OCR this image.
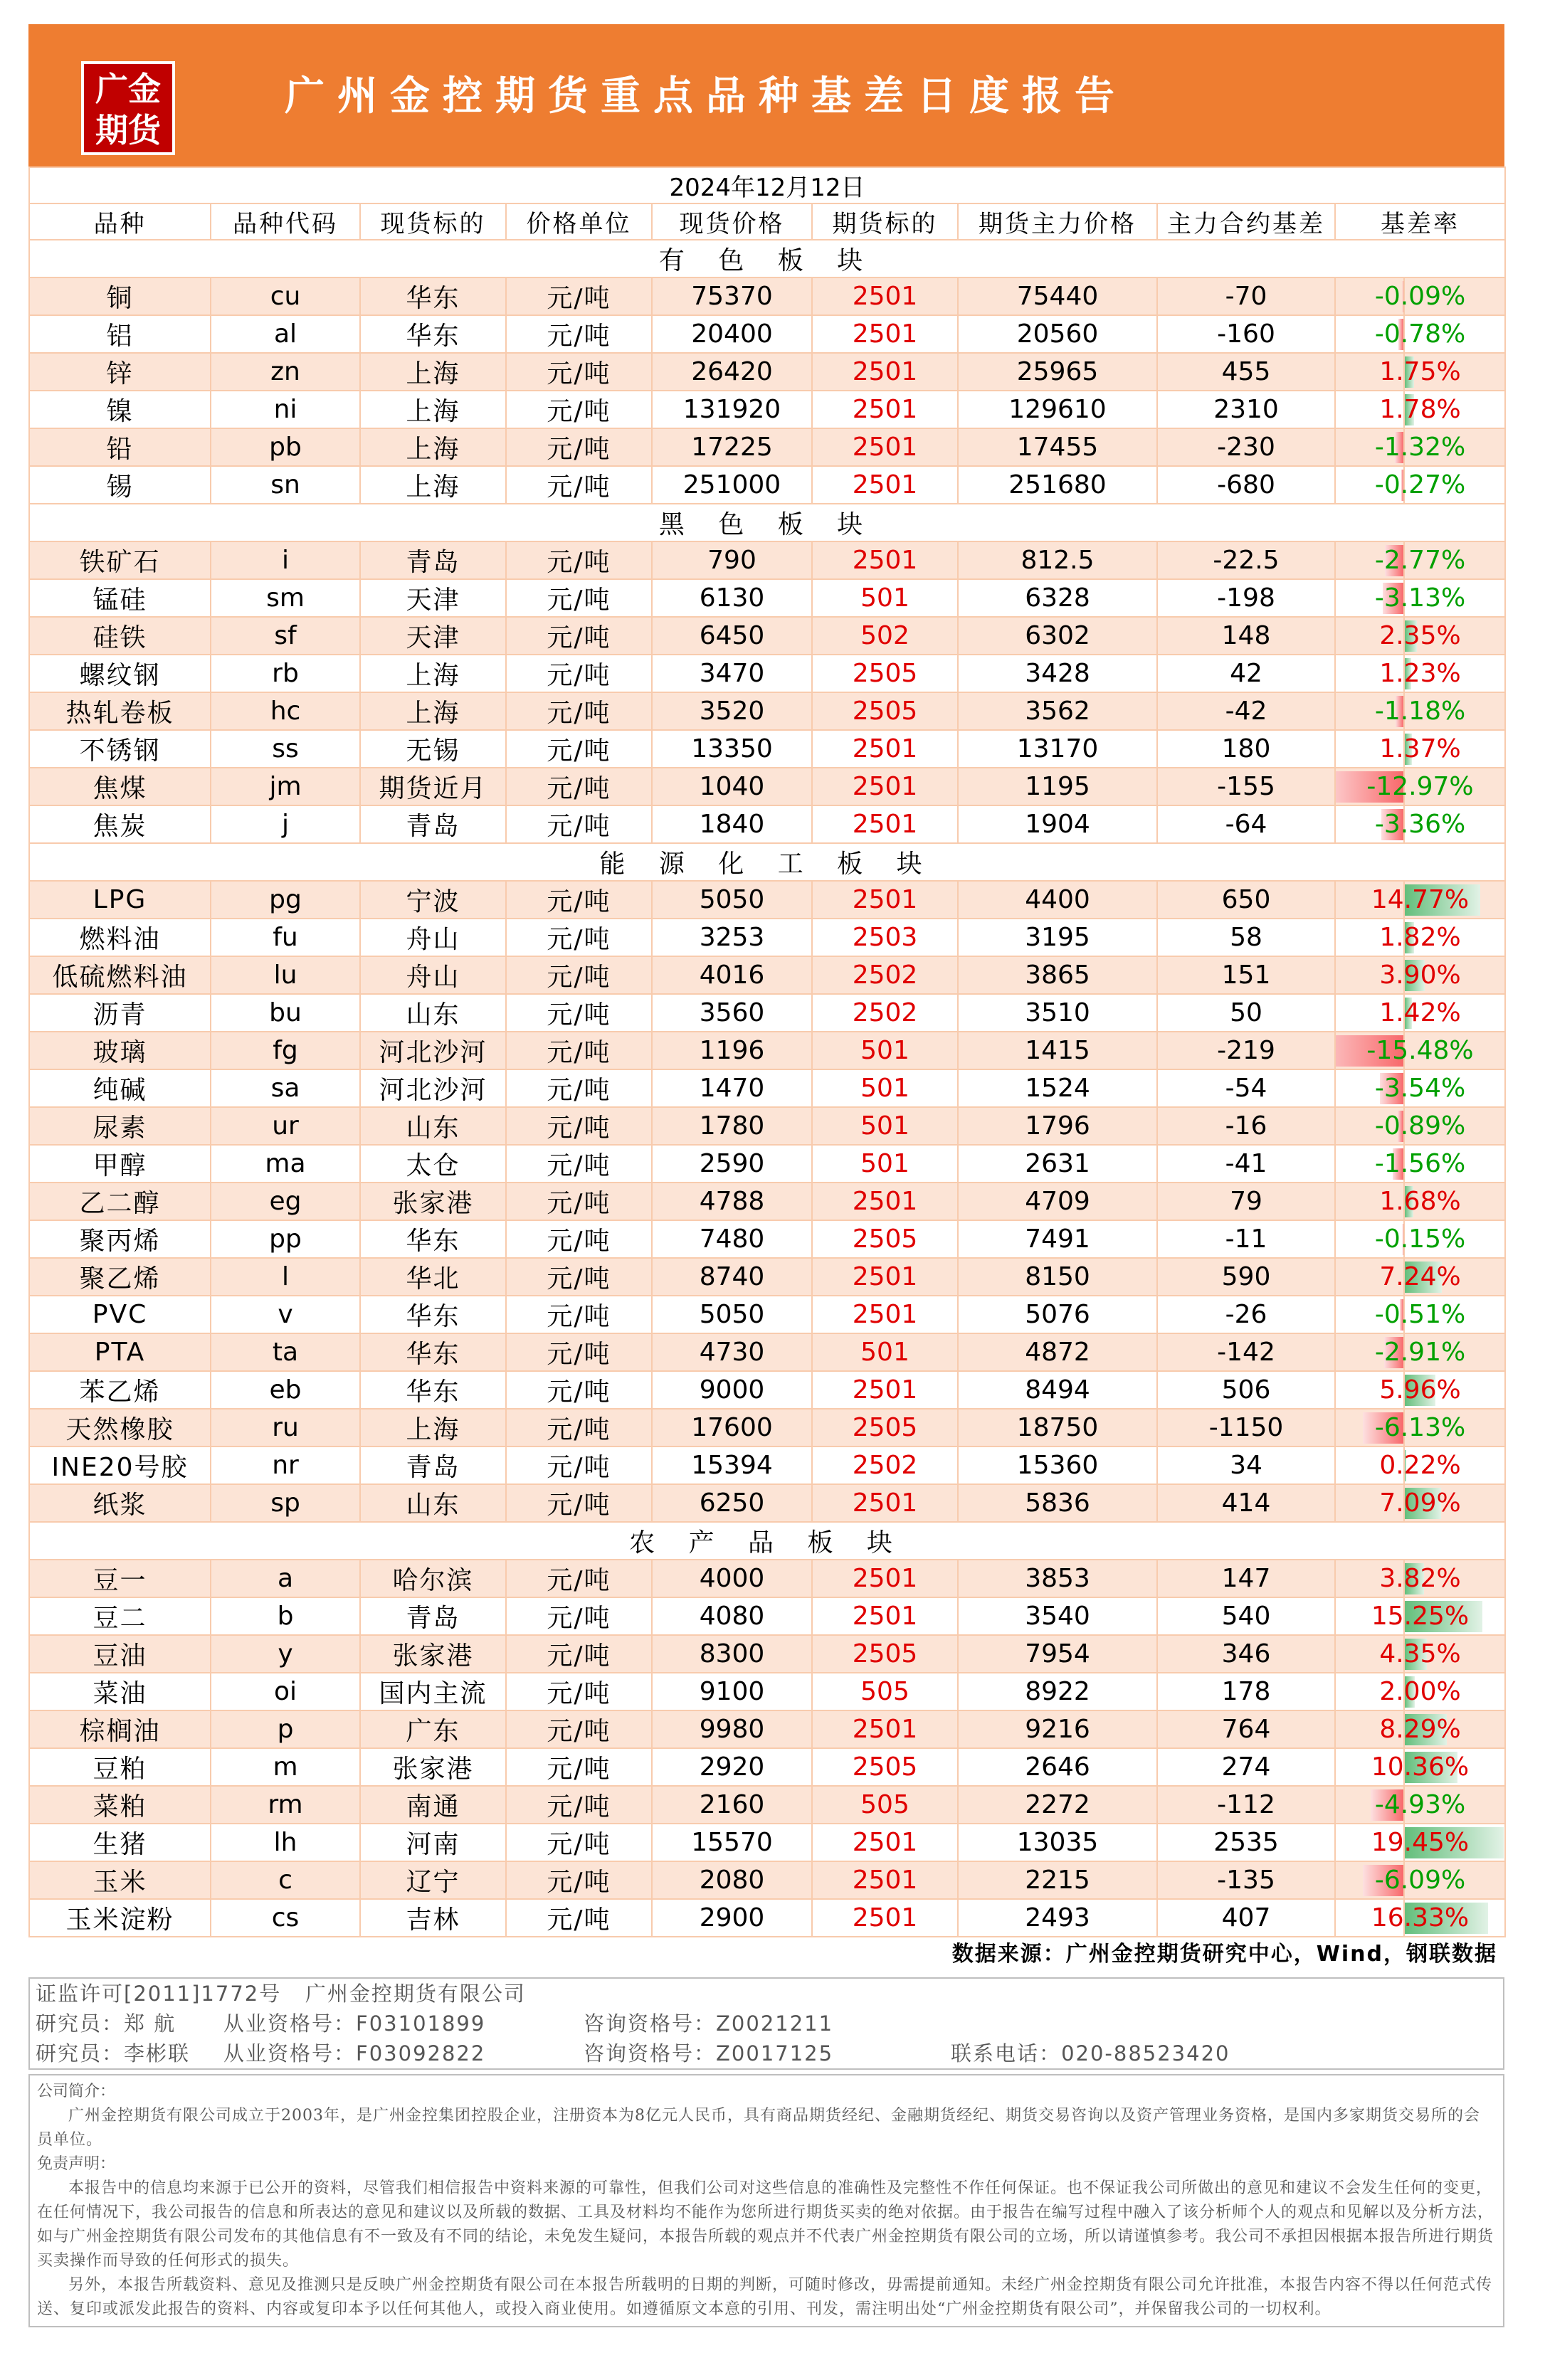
广金
期货
广州金控期货重点品种基差日度报告
2024年12月12日								
品种	品种代码	现货标的	价格单位	现货价格	期货标的	期货主力价格	主力合约基差	基差率
有 色 板 块								
铜	cu	华东	元/吨	75370	2501	75440	-70	-0.09%
铝	al	华东	元/吨	20400	2501	20560	-160	-0.78%
锌	zn	上海	元/吨	26420	2501	25965	455	1.75%
镍	ni	上海	元/吨	131920	2501	129610	2310	1.78%
铅	pb	上海	元/吨	17225	2501	17455	-230	-1.32%
锡	sn	上海	元/吨	251000	2501	251680	-680	-0.27%
黑 色 板 块								
铁矿石	i	青岛	元/吨	790	2501	812.5	-22.5	-2.77%
锰硅	sm	天津	元/吨	6130	501	6328	-198	-3.13%
硅铁	sf	天津	元/吨	6450	502	6302	148	2.35%
螺纹钢	rb	上海	元/吨	3470	2505	3428	42	1.23%
热轧卷板	hc	上海	元/吨	3520	2505	3562	-42	-1.18%
不锈钢	ss	无锡	元/吨	13350	2501	13170	180	1.37%
焦煤	jm	期货近月	元/吨	1040	2501	1195	-155	-12.97%
焦炭	j	青岛	元/吨	1840	2501	1904	-64	-3.36%
能 源 化 工 板 块								
LPG	pg	宁波	元/吨	5050	2501	4400	650	14.77%
燃料油	fu	舟山	元/吨	3253	2503	3195	58	1.82%
低硫燃料油	lu	舟山	元/吨	4016	2502	3865	151	3.90%
沥青	bu	山东	元/吨	3560	2502	3510	50	1.42%
玻璃	fg	河北沙河	元/吨	1196	501	1415	-219	-15.48%
纯碱	sa	河北沙河	元/吨	1470	501	1524	-54	-3.54%
尿素	ur	山东	元/吨	1780	501	1796	-16	-0.89%
甲醇	ma	太仓	元/吨	2590	501	2631	-41	-1.56%
乙二醇	eg	张家港	元/吨	4788	2501	4709	79	1.68%
聚丙烯	pp	华东	元/吨	7480	2505	7491	-11	-0.15%
聚乙烯	l	华北	元/吨	8740	2501	8150	590	7.24%
PVC	v	华东	元/吨	5050	2501	5076	-26	-0.51%
PTA	ta	华东	元/吨	4730	501	4872	-142	-2.91%
苯乙烯	eb	华东	元/吨	9000	2501	8494	506	5.96%
天然橡胶	ru	上海	元/吨	17600	2505	18750	-1150	-6.13%
INE20号胶	nr	青岛	元/吨	15394	2502	15360	34	0.22%
纸浆	sp	山东	元/吨	6250	2501	5836	414	7.09%
农 产 品 板 块								
豆一	a	哈尔滨	元/吨	4000	2501	3853	147	3.82%
豆二	b	青岛	元/吨	4080	2501	3540	540	15.25%
豆油	y	张家港	元/吨	8300	2505	7954	346	4.35%
菜油	oi	国内主流	元/吨	9100	505	8922	178	2.00%
棕榈油	p	广东	元/吨	9980	2501	9216	764	8.29%
豆粕	m	张家港	元/吨	2920	2505	2646	274	10.36%
菜粕	rm	南通	元/吨	2160	505	2272	-112	-4.93%
生猪	lh	河南	元/吨	15570	2501	13035	2535	19.45%
玉米	c	辽宁	元/吨	2080	2501	2215	-135	-6.09%
玉米淀粉	cs	吉林	元/吨	2900	2501	2493	407	16.33%
数据来源：广州金控期货研究中心，Wind，钢联数据
证监许可[2011]1772号 广州金控期货有限公司
研究员：郑 航 从业资格号：F03101899	咨询资格号：Z0021211
研究员：李彬联 从业资格号：F03092822	咨询资格号：Z0017125	联系电话：020-88523420
公司简介：
广州金控期货有限公司成立于2003年，是广州金控集团控股企业，注册资本为8亿元人民币，具有商品期货经纪、金融期货经纪、期货交易咨询以及资产管理业务资格，是国内多家期货交易所的会员单位。
免责声明：
本报告中的信息均来源于已公开的资料，尽管我们相信报告中资料来源的可靠性，但我们公司对这些信息的准确性及完整性不作任何保证。也不保证我公司所做出的意见和建议不会发生任何的变更，在任何情况下，我公司报告的信息和所表达的意见和建议以及所载的数据、工具及材料均不能作为您所进行期货买卖的绝对依据。由于报告在编写过程中融入了该分析师个人的观点和见解以及分析方法，如与广州金控期货有限公司发布的其他信息有不一致及有不同的结论，未免发生疑问，本报告所载的观点并不代表广州金控期货有限公司的立场，所以请谨慎参考。我公司不承担因根据本报告所进行期货买卖操作而导致的任何形式的损失。
另外，本报告所载资料、意见及推测只是反映广州金控期货有限公司在本报告所载明的日期的判断，可随时修改，毋需提前通知。未经广州金控期货有限公司允许批准，本报告内容不得以任何范式传送、复印或派发此报告的资料、内容或复印本予以任何其他人，或投入商业使用。如遵循原文本意的引用、刊发，需注明出处“广州金控期货有限公司”，并保留我公司的一切权利。
